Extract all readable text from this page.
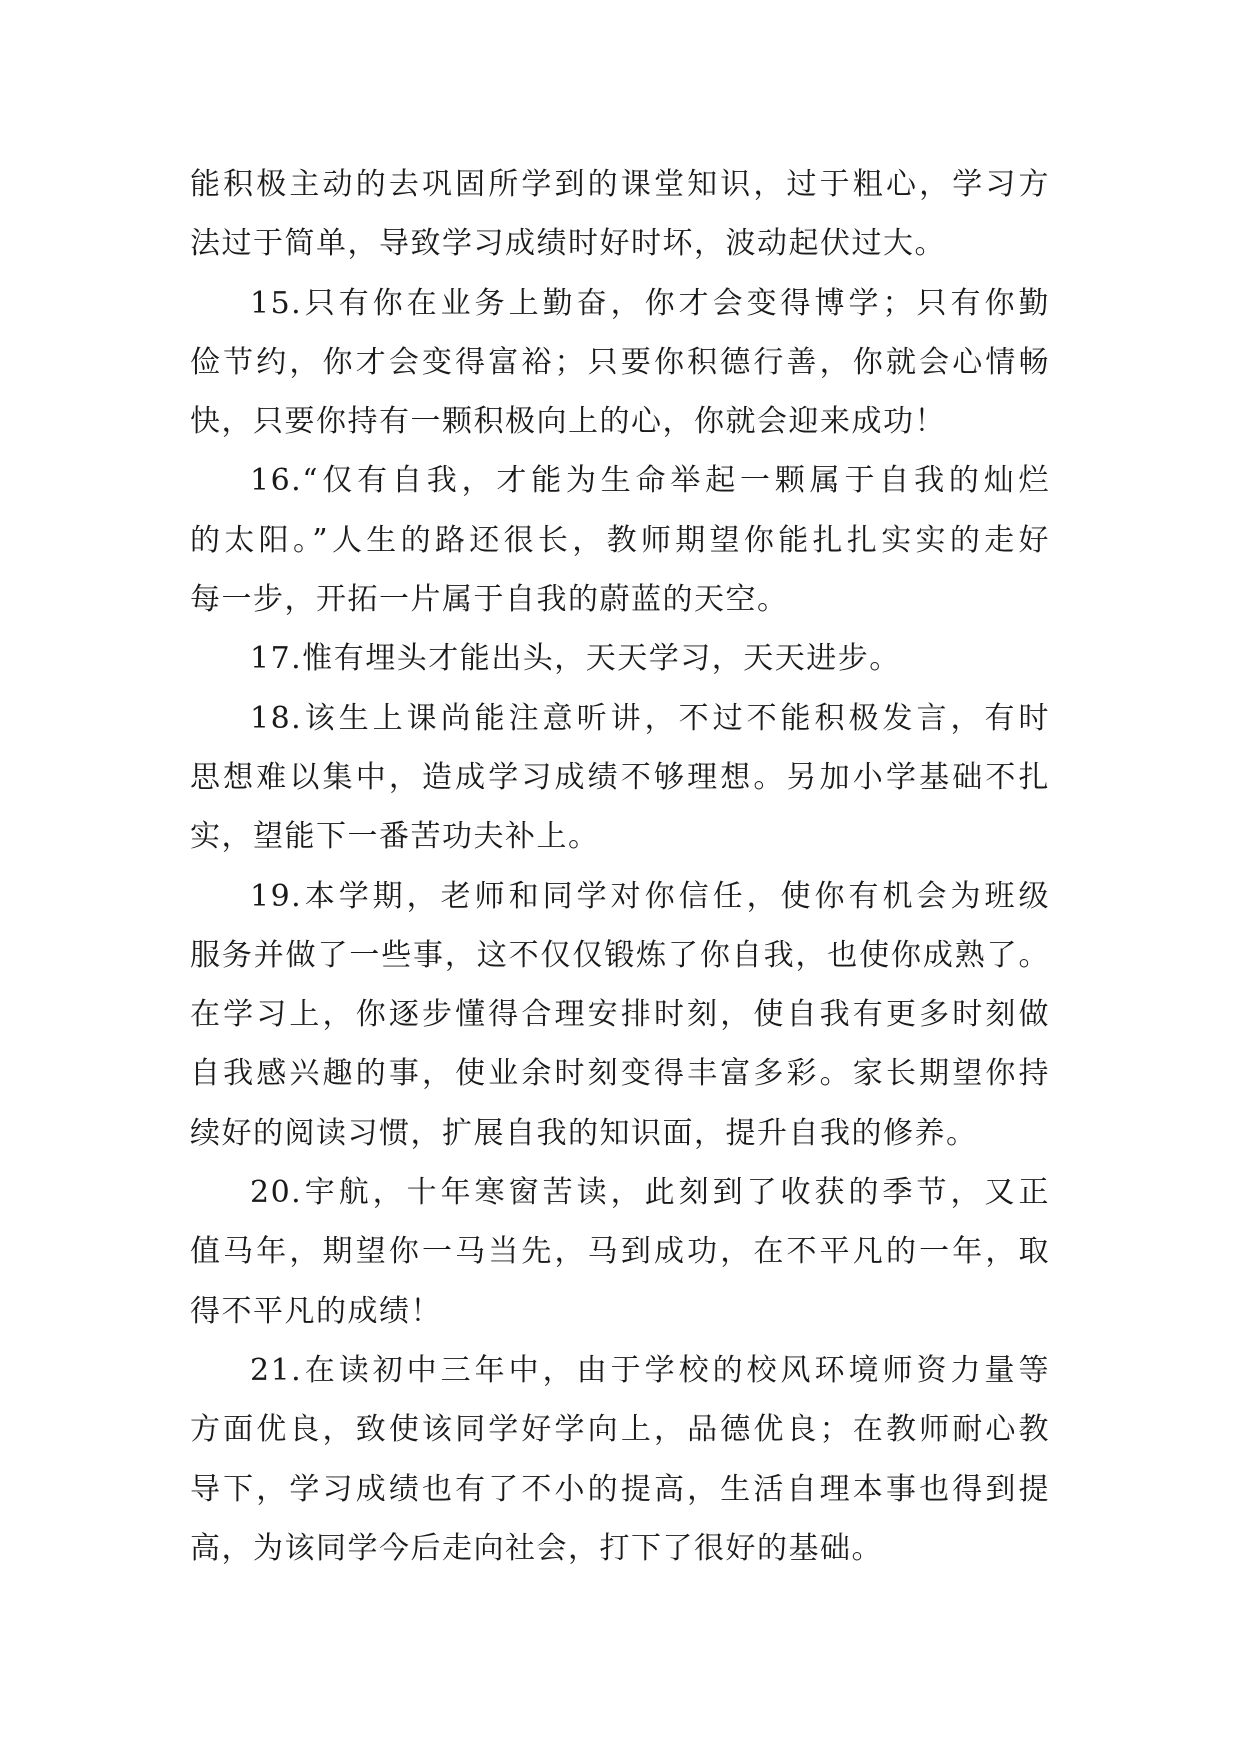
能积极主动的去巩固所学到的课堂知识，过于粗心，学习方
法过于简单，导致学习成绩时好时坏，波动起伏过大。
15.只有你在业务上勤奋，你才会变得博学；只有你勤
俭节约，你才会变得富裕；只要你积德行善，你就会心情畅
快，只要你持有一颗积极向上的心，你就会迎来成功！
16.“仅有自我，才能为生命举起一颗属于自我的灿烂
的太阳。”人生的路还很长，教师期望你能扎扎实实的走好
每一步，开拓一片属于自我的蔚蓝的天空。
17.惟有埋头才能出头，天天学习，天天进步。
18.该生上课尚能注意听讲，不过不能积极发言，有时
思想难以集中，造成学习成绩不够理想。另加小学基础不扎
实，望能下一番苦功夫补上。
19.本学期，老师和同学对你信任，使你有机会为班级
服务并做了一些事，这不仅仅锻炼了你自我，也使你成熟了。
在学习上，你逐步懂得合理安排时刻，使自我有更多时刻做
自我感兴趣的事，使业余时刻变得丰富多彩。家长期望你持
续好的阅读习惯，扩展自我的知识面，提升自我的修养。
20.宇航，十年寒窗苦读，此刻到了收获的季节，又正
值马年，期望你一马当先，马到成功，在不平凡的一年，取
得不平凡的成绩！
21.在读初中三年中，由于学校的校风环境师资力量等
方面优良，致使该同学好学向上，品德优良；在教师耐心教
导下，学习成绩也有了不小的提高，生活自理本事也得到提
高，为该同学今后走向社会，打下了很好的基础。
